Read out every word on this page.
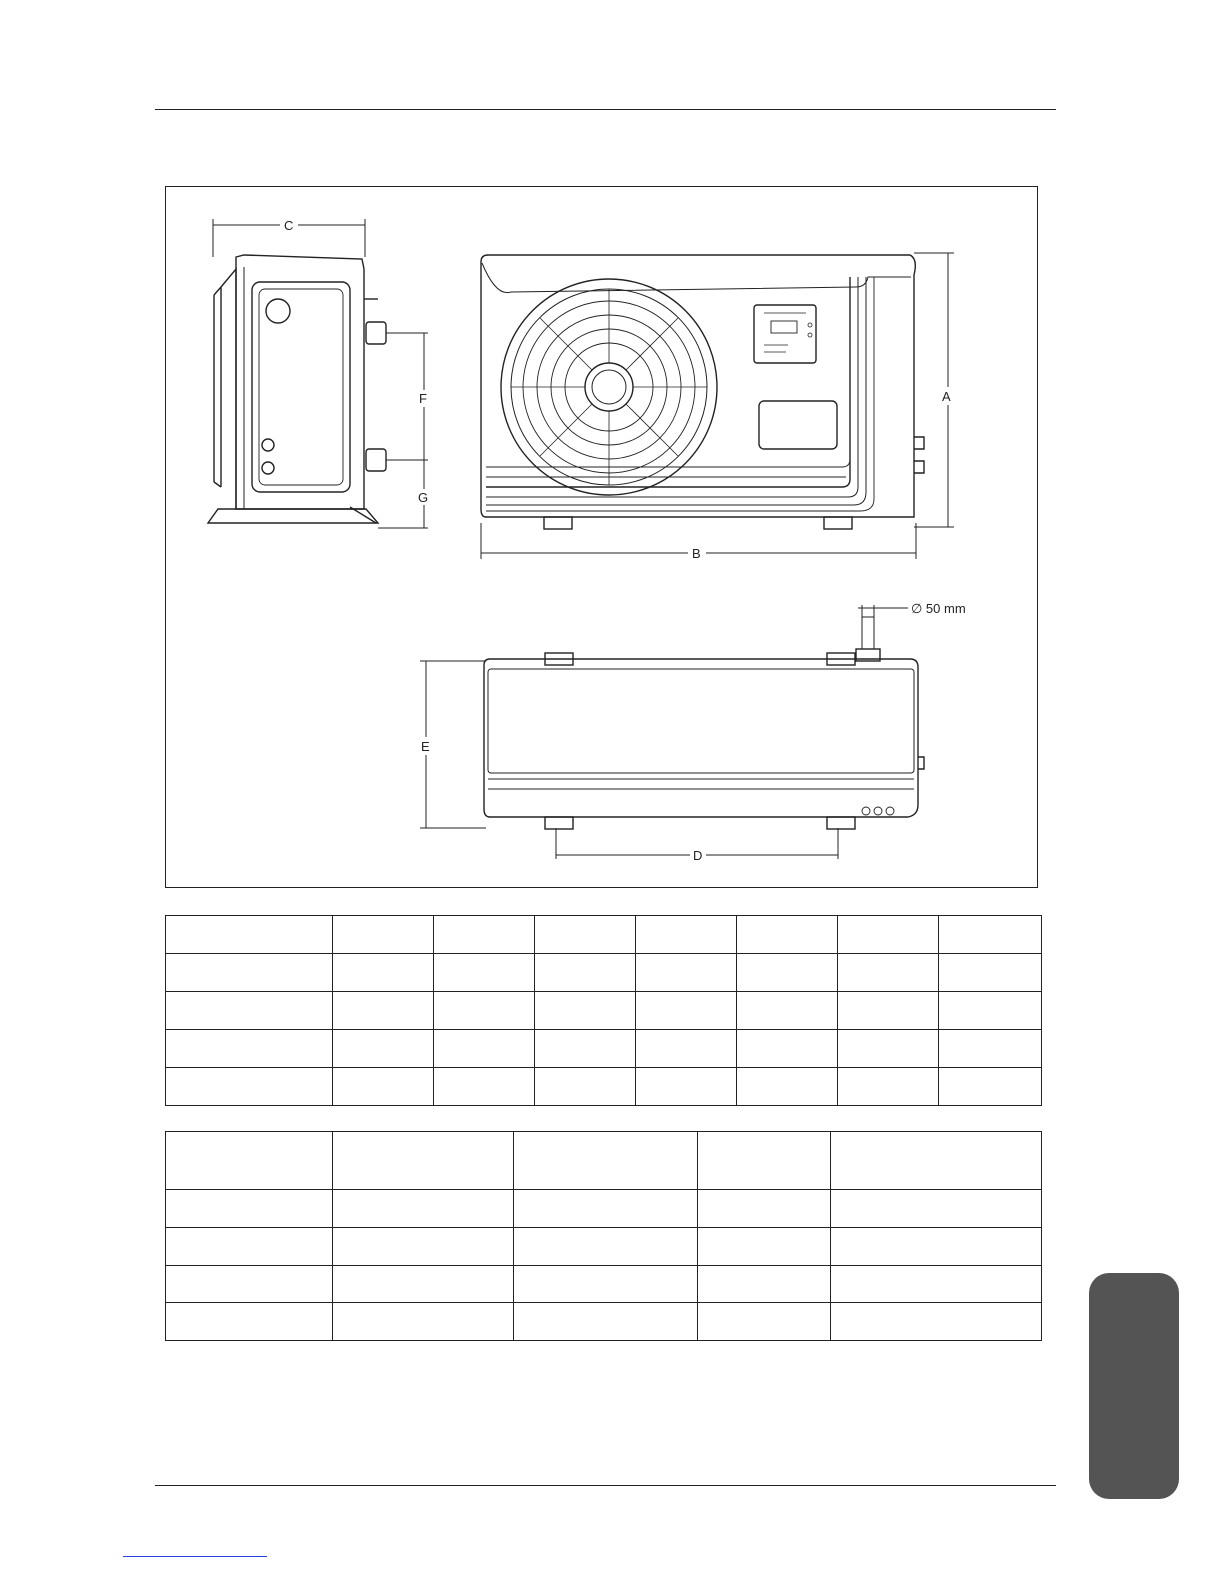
C
F
G
A
B
∅ 50 mm
E
D
